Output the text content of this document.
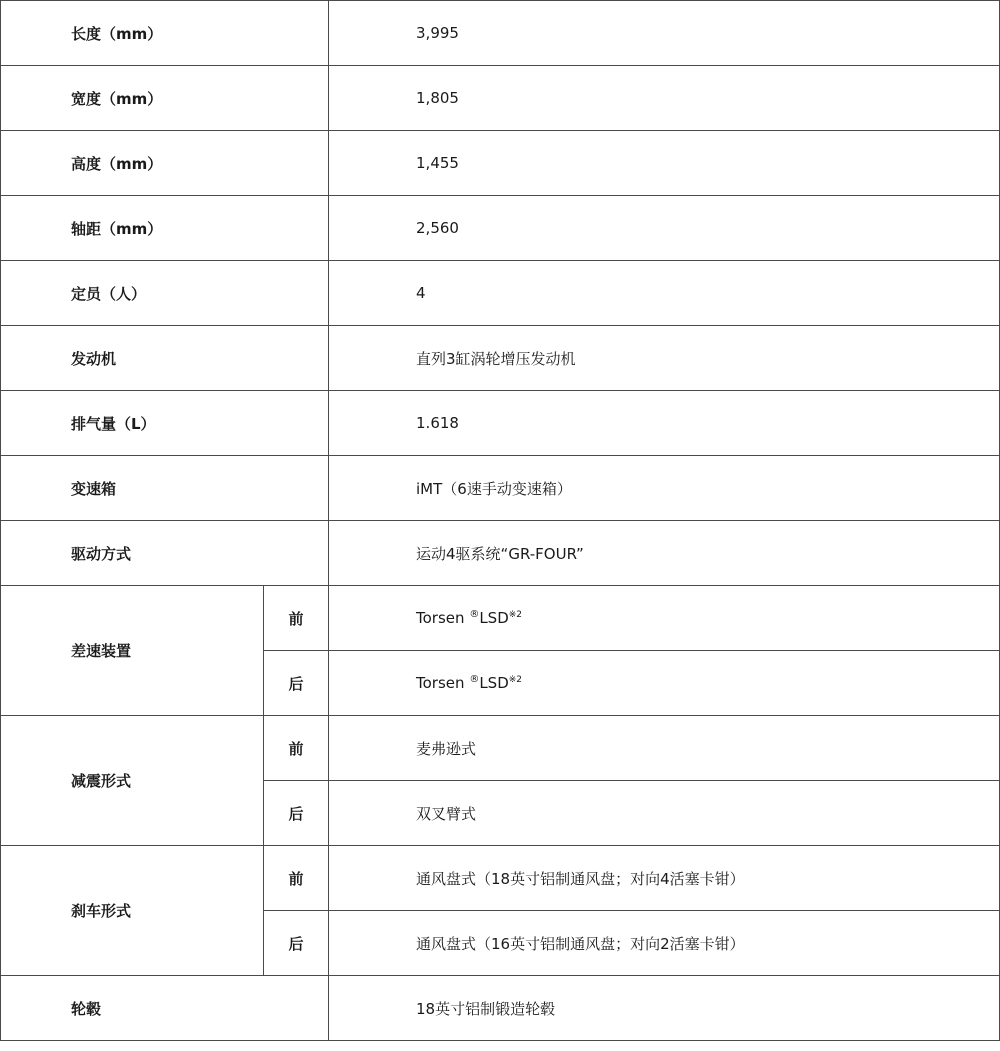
长度（mm）		3,995
宽度（mm）		1,805
高度（mm）		1,455
轴距（mm）		2,560
定员（人）		4
发动机		直列3缸涡轮增压发动机
排气量（L）		1.618
变速箱		iMT（6速手动变速箱）
驱动方式		运动4驱系统“GR-FOUR”
差速装置	前	Torsen ®LSD$^{※2}$
	后	Torsen ®LSD$^{※2}$
减震形式	前	麦弗逊式
	后	双叉臂式
刹车形式	前	通风盘式（18英寸铝制通风盘；对向4活塞卡钳）
	后	通风盘式（16英寸铝制通风盘；对向2活塞卡钳）
轮毂		18英寸铝制锻造轮毂
